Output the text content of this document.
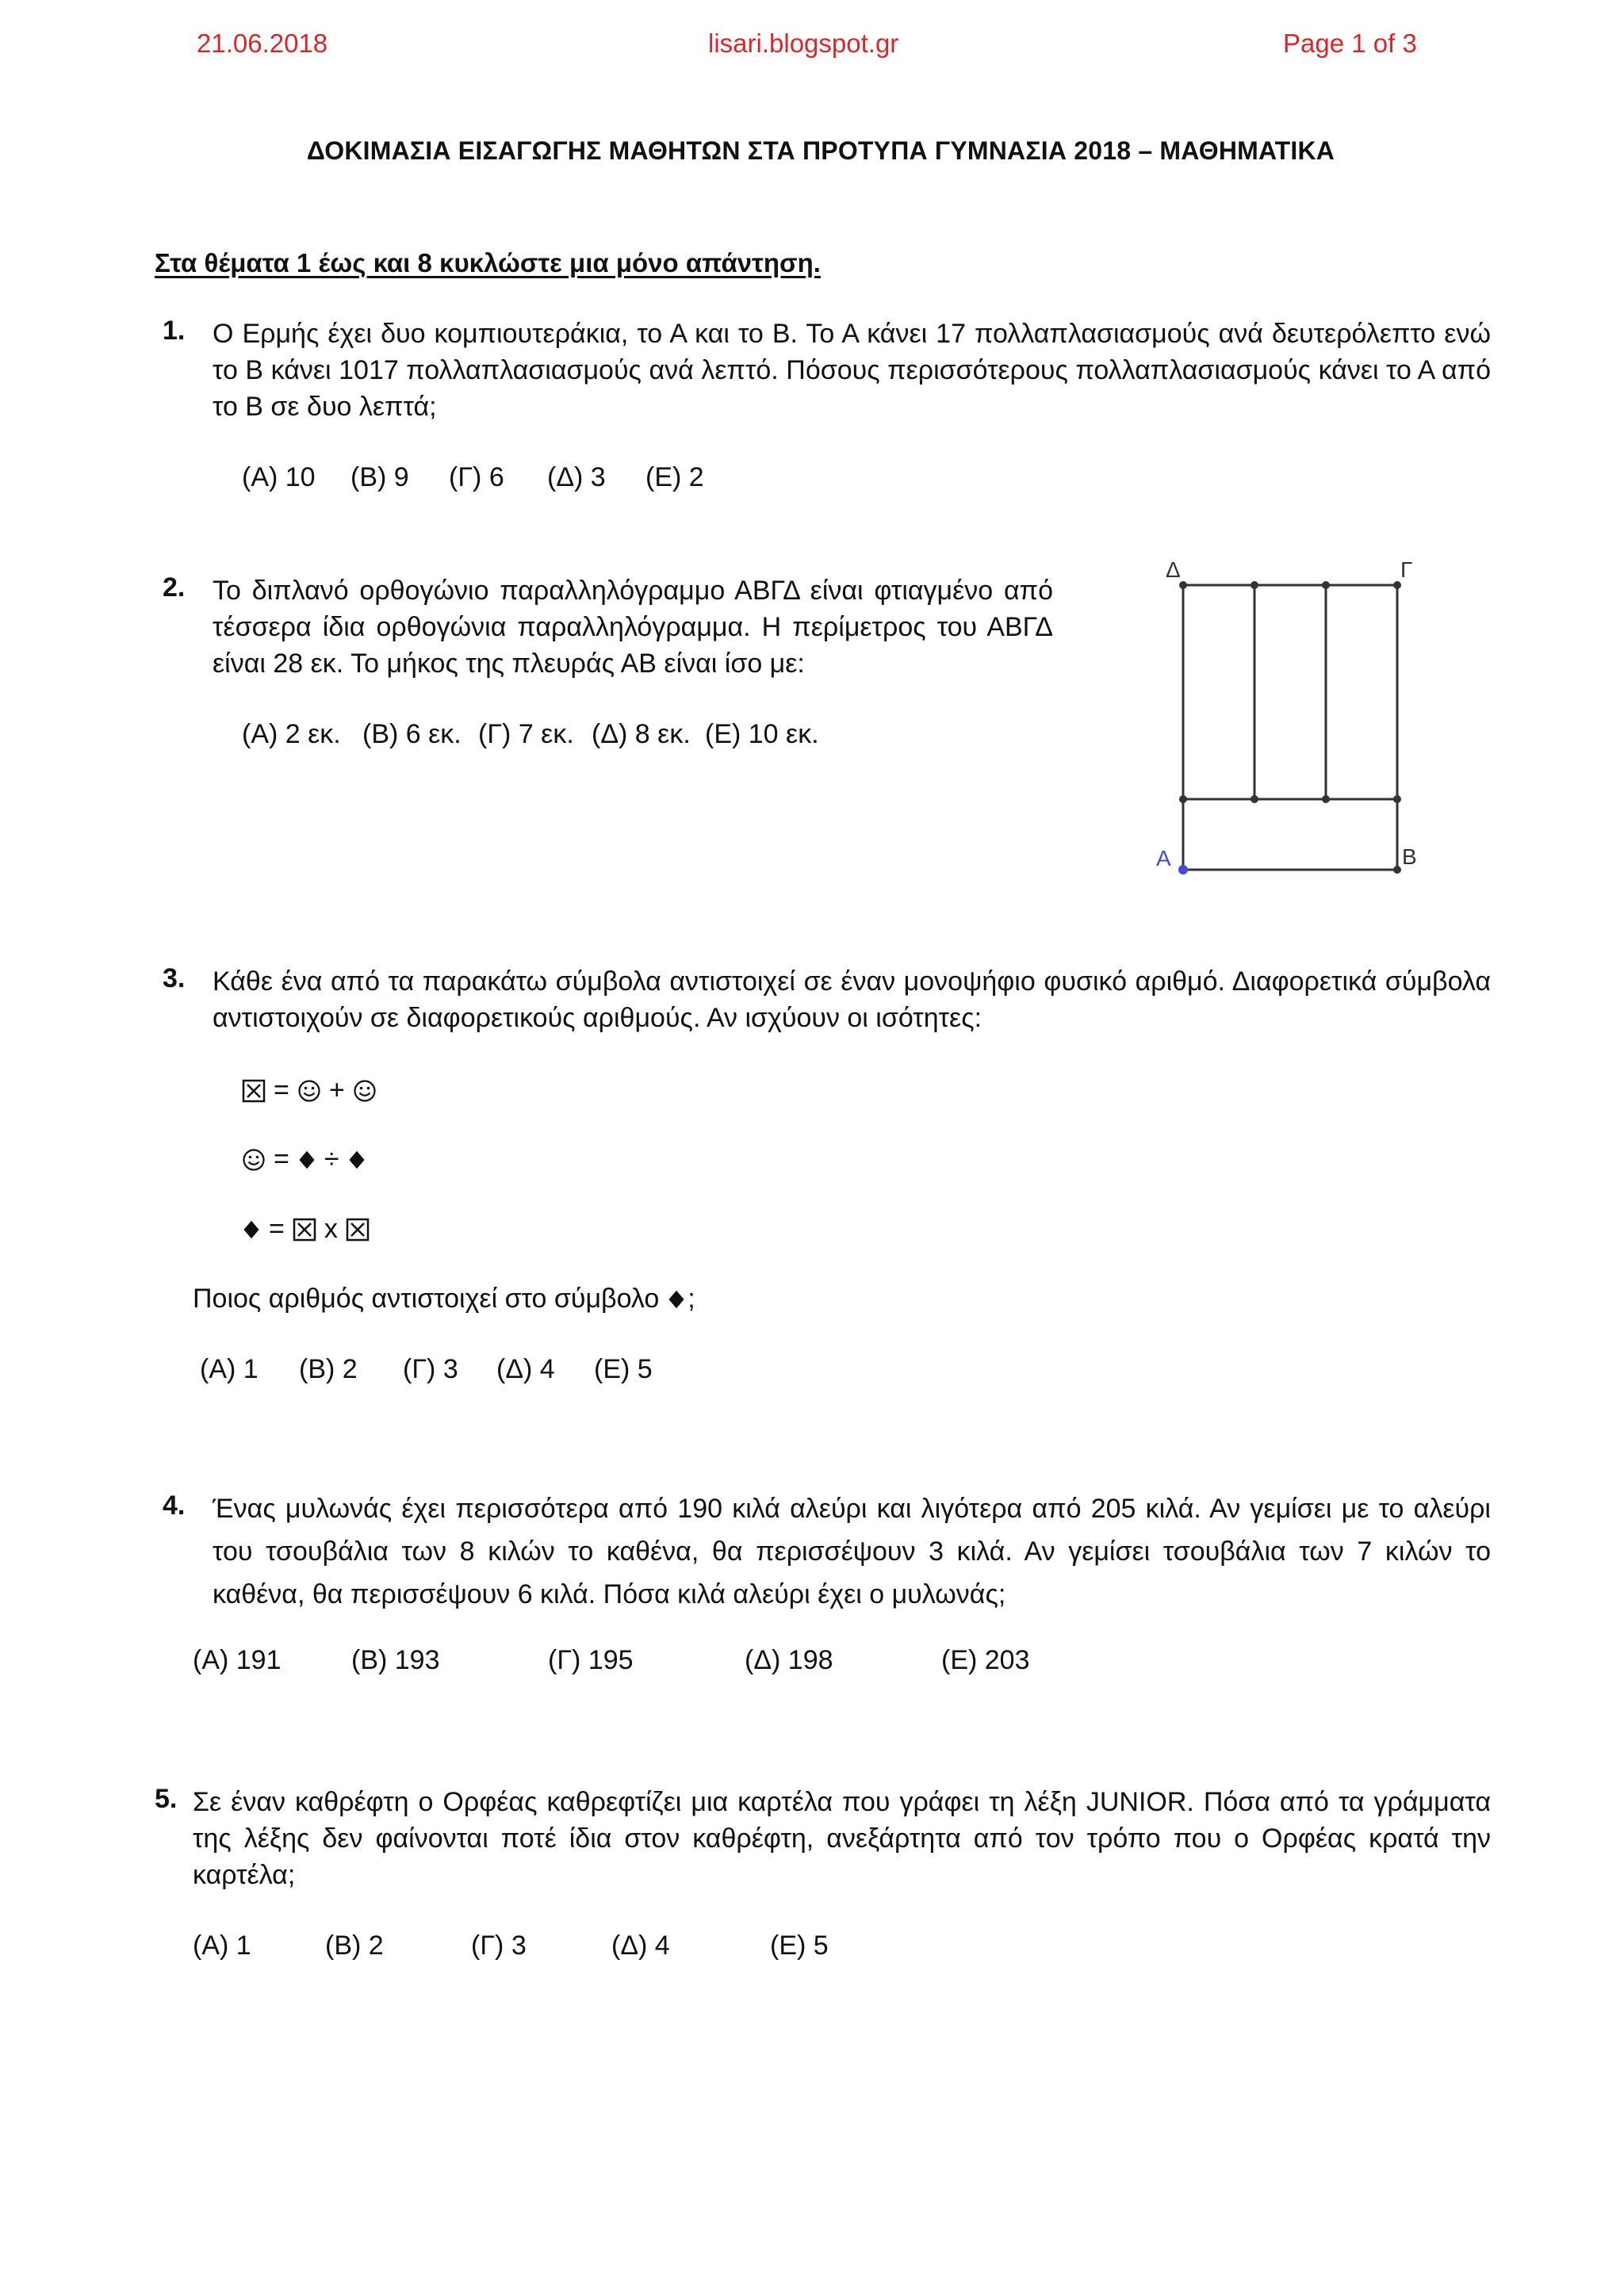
21.06.2018	lisari.blogspot.gr	Page 1 of 3
ΔΟΚΙΜΑΣΙΑ ΕΙΣΑΓΩΓΗΣ ΜΑΘΗΤΩΝ ΣΤΑ ΠΡΟΤΥΠΑ ΓΥΜΝΑΣΙΑ 2018 – ΜΑΘΗΜΑΤΙΚΑ
Στα θέματα 1 έως και 8 κυκλώστε μια μόνο απάντηση.
1. Ο Ερμής έχει δυο κομπιουτεράκια, το Α και το Β. Το Α κάνει 17 πολλαπλασιασμούς ανά δευτερόλεπτο ενώ το Β κάνει 1017 πολλαπλασιασμούς ανά λεπτό. Πόσους περισσότερους πολλαπλασιασμούς κάνει το Α από το Β σε δυο λεπτά;
(Α) 10 (Β) 9 (Γ) 6 (Δ) 3 (Ε) 2
2. Το διπλανό ορθογώνιο παραλληλόγραμμο ΑΒΓΔ είναι φτιαγμένο από τέσσερα ίδια ορθογώνια παραλληλόγραμμα. Η περίμετρος του ΑΒΓΔ είναι 28 εκ. Το μήκος της πλευράς ΑΒ είναι ίσο με:
(Α) 2 εκ. (Β) 6 εκ. (Γ) 7 εκ. (Δ) 8 εκ. (Ε) 10 εκ.
Δ	Γ
Α	Β
3. Κάθε ένα από τα παρακάτω σύμβολα αντιστοιχεί σε έναν μονοψήφιο φυσικό αριθμό. Διαφορετικά σύμβολα αντιστοιχούν σε διαφορετικούς αριθμούς. Αν ισχύουν οι ισότητες:
= +
= ÷
= x
Ποιος αριθμός αντιστοιχεί στο σύμβολο ;
(Α) 1 (Β) 2 (Γ) 3 (Δ) 4 (Ε) 5
4. Ένας μυλωνάς έχει περισσότερα από 190 κιλά αλεύρι και λιγότερα από 205 κιλά. Αν γεμίσει με το αλεύρι του τσουβάλια των 8 κιλών το καθένα, θα περισσέψουν 3 κιλά. Αν γεμίσει τσουβάλια των 7 κιλών το καθένα, θα περισσέψουν 6 κιλά. Πόσα κιλά αλεύρι έχει ο μυλωνάς;
(Α) 191	(Β) 193	(Γ) 195	(Δ) 198	(Ε) 203
5. Σε έναν καθρέφτη ο Ορφέας καθρεφτίζει μια καρτέλα που γράφει τη λέξη JUNIOR. Πόσα από τα γράμματα της λέξης δεν φαίνονται ποτέ ίδια στον καθρέφτη, ανεξάρτητα από τον τρόπο που ο Ορφέας κρατά την καρτέλα;
(Α) 1	(Β) 2	(Γ) 3	(Δ) 4	(Ε) 5
